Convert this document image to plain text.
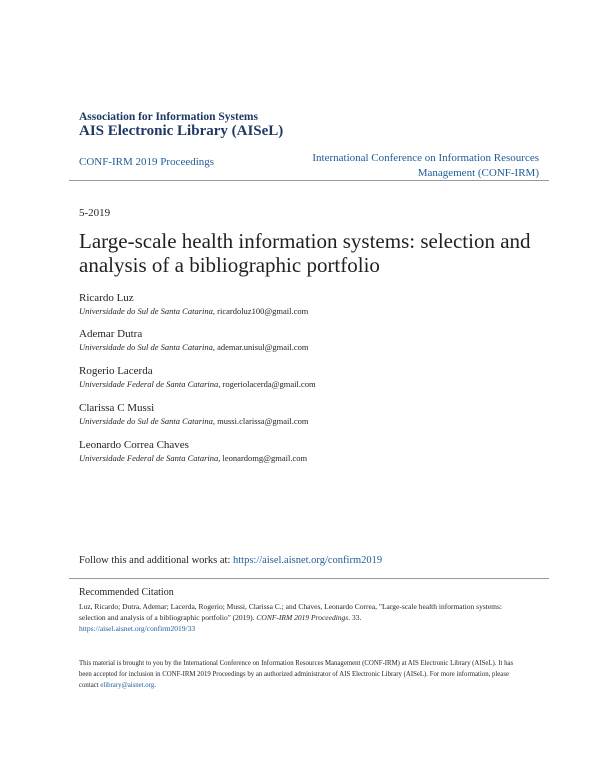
Association for Information Systems
AIS Electronic Library (AISeL)
CONF-IRM 2019 Proceedings	International Conference on Information Resources Management (CONF-IRM)
5-2019
Large-scale health information systems: selection and analysis of a bibliographic portfolio
Ricardo Luz
Universidade do Sul de Santa Catarina, ricardoluz100@gmail.com
Ademar Dutra
Universidade do Sul de Santa Catarina, ademar.unisul@gmail.com
Rogerio Lacerda
Universidade Federal de Santa Catarina, rogeriolacerda@gmail.com
Clarissa C Mussi
Universidade do Sul de Santa Catarina, mussi.clarissa@gmail.com
Leonardo Correa Chaves
Universidade Federal de Santa Catarina, leonardomg@gmail.com
Follow this and additional works at: https://aisel.aisnet.org/confirm2019
Recommended Citation
Luz, Ricardo; Dutra, Ademar; Lacerda, Rogerio; Mussi, Clarissa C.; and Chaves, Leonardo Correa, "Large-scale health information systems: selection and analysis of a bibliographic portfolio" (2019). CONF-IRM 2019 Proceedings. 33.
https://aisel.aisnet.org/confirm2019/33
This material is brought to you by the International Conference on Information Resources Management (CONF-IRM) at AIS Electronic Library (AISeL). It has been accepted for inclusion in CONF-IRM 2019 Proceedings by an authorized administrator of AIS Electronic Library (AISeL). For more information, please contact elibrary@aisnet.org.
